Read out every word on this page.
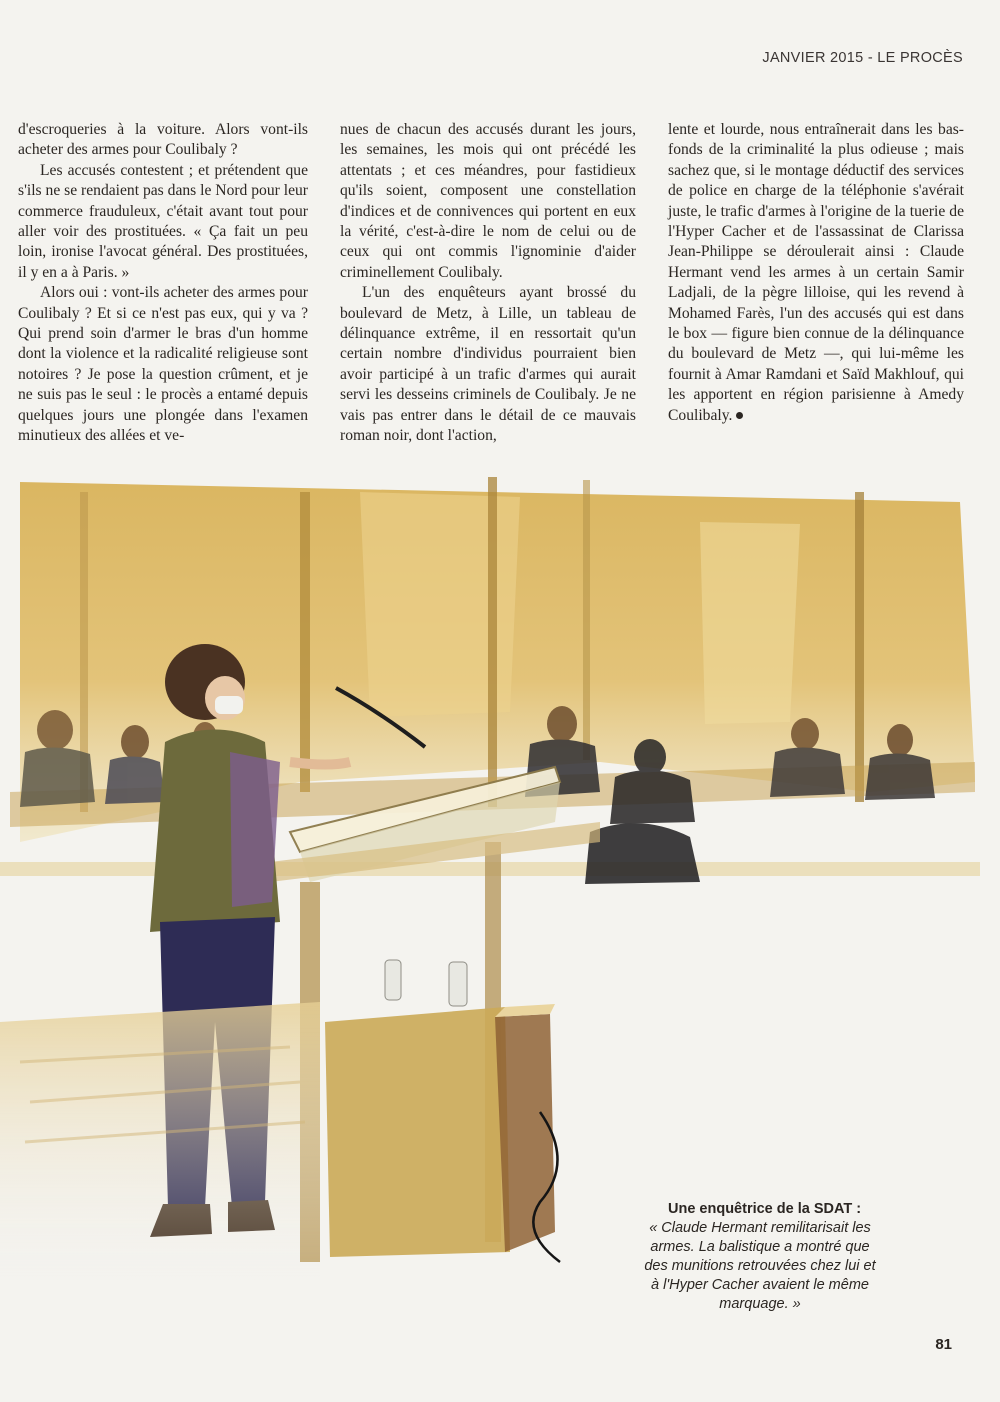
JANVIER 2015 - LE PROCÈS

d'escroqueries à la voiture. Alors vont-ils acheter des armes pour Coulibaly ?

Les accusés contestent ; et prétendent que s'ils ne se rendaient pas dans le Nord pour leur commerce frauduleux, c'était avant tout pour aller voir des prostituées. « Ça fait un peu loin, ironise l'avocat général. Des prostituées, il y en a à Paris. »

Alors oui : vont-ils acheter des armes pour Coulibaly ? Et si ce n'est pas eux, qui y va ? Qui prend soin d'armer le bras d'un homme dont la violence et la radicalité religieuse sont notoires ? Je pose la question crûment, et je ne suis pas le seul : le procès a entamé depuis quelques jours une plongée dans l'examen minutieux des allées et ve-

nues de chacun des accusés durant les jours, les semaines, les mois qui ont précédé les attentats ; et ces méandres, pour fastidieux qu'ils soient, composent une constellation d'indices et de connivences qui portent en eux la vérité, c'est-à-dire le nom de celui ou de ceux qui ont commis l'ignominie d'aider criminellement Coulibaly.

L'un des enquêteurs ayant brossé du boulevard de Metz, à Lille, un tableau de délinquance extrême, il en ressortait qu'un certain nombre d'individus pourraient bien avoir participé à un trafic d'armes qui aurait servi les desseins criminels de Coulibaly. Je ne vais pas entrer dans le détail de ce mauvais roman noir, dont l'action,

lente et lourde, nous entraînerait dans les bas-fonds de la criminalité la plus odieuse ; mais sachez que, si le montage déductif des services de police en charge de la téléphonie s'avérait juste, le trafic d'armes à l'origine de la tuerie de l'Hyper Cacher et de l'assassinat de Clarissa Jean-Philippe se déroulerait ainsi : Claude Hermant vend les armes à un certain Samir Ladjali, de la pègre lilloise, qui les revend à Mohamed Farès, l'un des accusés qui est dans le box — figure bien connue de la délinquance du boulevard de Metz —, qui lui-même les fournit à Amar Ramdani et Saïd Makhlouf, qui les apportent en région parisienne à Amedy Coulibaly.

Une enquêtrice de la SDAT :
« Claude Hermant remilitarisait les armes. La balistique a montré que des munitions retrouvées chez lui et à l'Hyper Cacher avaient le même marquage. »
81
